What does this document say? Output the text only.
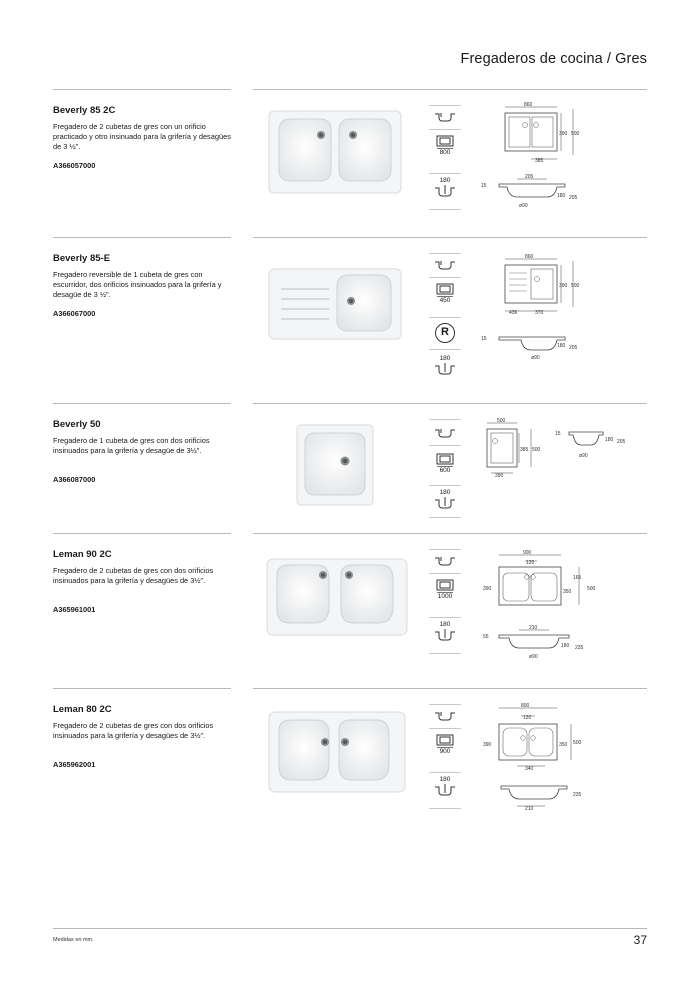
Fregaderos de cocina / Gres
Beverly 85 2C
Fregadero de 2 cubetas de gres con un orificio practicado y otro insinuado para la grifería y desagües de 3 ½".
A366057000
800
180
860
390 500
385
205
15
180 205
ø90
Beverly 85-E
Fregadero reversible de 1 cubeta de gres con escurridor, dos orificios insinuados para la grifería y desagüe de 3 ½".
A366067000
450
R
180
860
390 500
436	370
15
180 205
ø90
Beverly 50
Fregadero de 1 cubeta de gres con dos orificios insinuados para la grifería y desagüe de 3½".
A366087000
600
180
500
385 500
390
15
180 205
ø90
Leman 90 2C
Fregadero de 2 cubetas de gres con dos orificios insinuados para la grifería y desagües de 3½".
A365961001
1000
180
900
120
390	350	500
165
210
55
180 235
ø90
Leman 80 2C
Fregadero de 2 cubetas de gres con dos orificios insinuados para la grifería y desagües de 3½".
A365962001
900
180
800
120
390	350 500
340
235
210
Medidas en mm.	37
